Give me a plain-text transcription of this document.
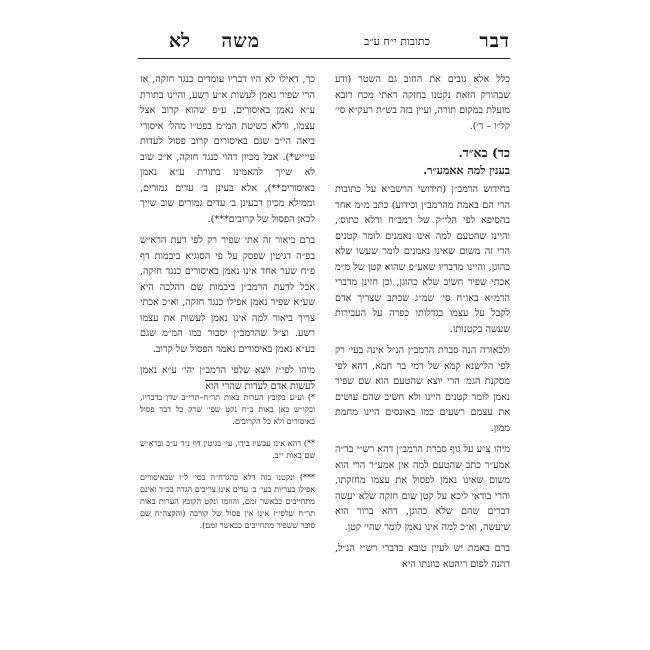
דבר
כתובות י״ח ע״ב
משה
לא

כלל אלא גובים את החוב גם השטר (ודע שבהורק הזאת נקטנו בחזקה דאתי מכח רובא מועלת במקום תורה, ועיין בזה בש״ת רעק״א סי׳ קל״ו – ד׳).

כד) בא״ד.
בענין למה אאמע״ר.

בחידוש הרמב״ן (חידושי הרשב״א על כתובות הרי הם באמת מהרמב״ן וכידוע) כתב מ״מ אחר בהסיפא לפי הלי״ק של רמב״ח ודלא כתוס׳, והיינו שהטעם למה אינו נאמנים לומר קטנים הרי זה משום שאינו נאמנים לומר שעשו שלא כהוגן, והיינו מדבריו שאע״פ שהוא קטן של מ״מ אכתי שפיר חשיב שלא כהוגן, וכן חזינן מדברי הרמ״א באו״ח סי׳ שמ״ג שכתב שצריך אדם לקבל על עצמו בגדלותו כפרה על העבירות שעשה בקטנותו.

ולכאורה הנה סברת הרמב״ן הנ״ל אינה בעי׳ רק לפי הלישנא קמא של רמי בר חמא, דהא לפי מסקנת הגמ׳ הרי יוצא שהטעם הוא שם שפיר נאמן לומר קטנים היינו ולא חשיב שהם עושים את עצמם רשעים כמו באונסים היינו מחמת ממון.

מיהו צ״ע על גוף סברת הרמב״ן דהא רש״י בד״ה אמע״ר כתב שהטעם למה אין אמע״ר הרי הוא משום שאינו נאמן לפסול את עצמו מחזקתו, והרי בודאי ליכא על קטן שום חזקה שלא יעשה דברים שהם שלא כהוגן, דהא ברור הוא שיעשה, וא״כ למה אינו נאמן לומר שהי׳ קטן.

ברם באמת יש לעיין טובא בדברי רש״י הנ״ל, דהנה לפום ריהטא כוונתו היא

כך, דאילו לא היו דבריו עומדים כנגד חזקה, אז הרי שפיר נאמן לעשות א״ע רשע, והיינו בתורת ע״א נאמן באיסורים, ע״פ שהוא קרוב אצל עצמו, ודלא כשיטת המ״מ בפט״ו מהל׳ איסורי ביאה הי״ב שגם באיסורים קרוב פסול לעדות עיי״ש*). אבל מכיון דהוי כנגד חזקה, א״כ שוב לא שייך להאמינו בתורת ע״א נאמן באיסורים**), אלא בעינן ב׳ עדים גמורים, וממילא מכיון דבעינן ב׳ עדים גמורים שוב שייך לכאן הפסול של קרובים***).

ברם ביאור זה אתי שפיר רק לפי דעת הרא״ש בפ״ה דגיטין שפסק על פי הסוגיא ביבמות דף פ״ח שער אחד אינו נאמן באיסורים כנגד חזקה, אבל לדעת הרמב״ן ביבמות שם דהלכה היא שע״א שפיר נאמן אפילו כנגד חזקה, וא״כ אכתי צריך ביאור למה אינו נאמן לעשות את עצמו רשע. וצ״ל שהרמב״ן יסבור כמו המ״מ שגם בע״א נאמן באיסורים נאמר הפסול של קרוב.

מיהו לפי״ז יוצא שלפי הרמב״ן יהי׳ ע״א נאמן לעשות אדם לעדות שהרי הוא

*) וע״ע בקובץ הערות באות תר״ח–תרי״ב שדן בדבריו, ובקו״ש כאן באות ב״ח נקט שפי׳ שרק כל דבר פסול באיסורים ולא כל הקרובים.

**) דהא אינו עכשיו בידו, עי׳ בגיטין דף נ״ד ע״ב וברא״ש שם באות י״ב.

***) ונקטנו בזה דלא כהגרח״ה בסי׳ ל״ו שבאיסורים אפילו בעריות בעי׳ ב׳ עדים אינו צריכים הגדה בב״ד ואינם מתחייבים כבאשר זמם, והוזמו ונקט הקובץ הערות באות תר״ח שלפי״ז אינו אין פסול של קורבה (והקצה״ח שם סובר ששפיר מתחייבים כבאשר זמם).
